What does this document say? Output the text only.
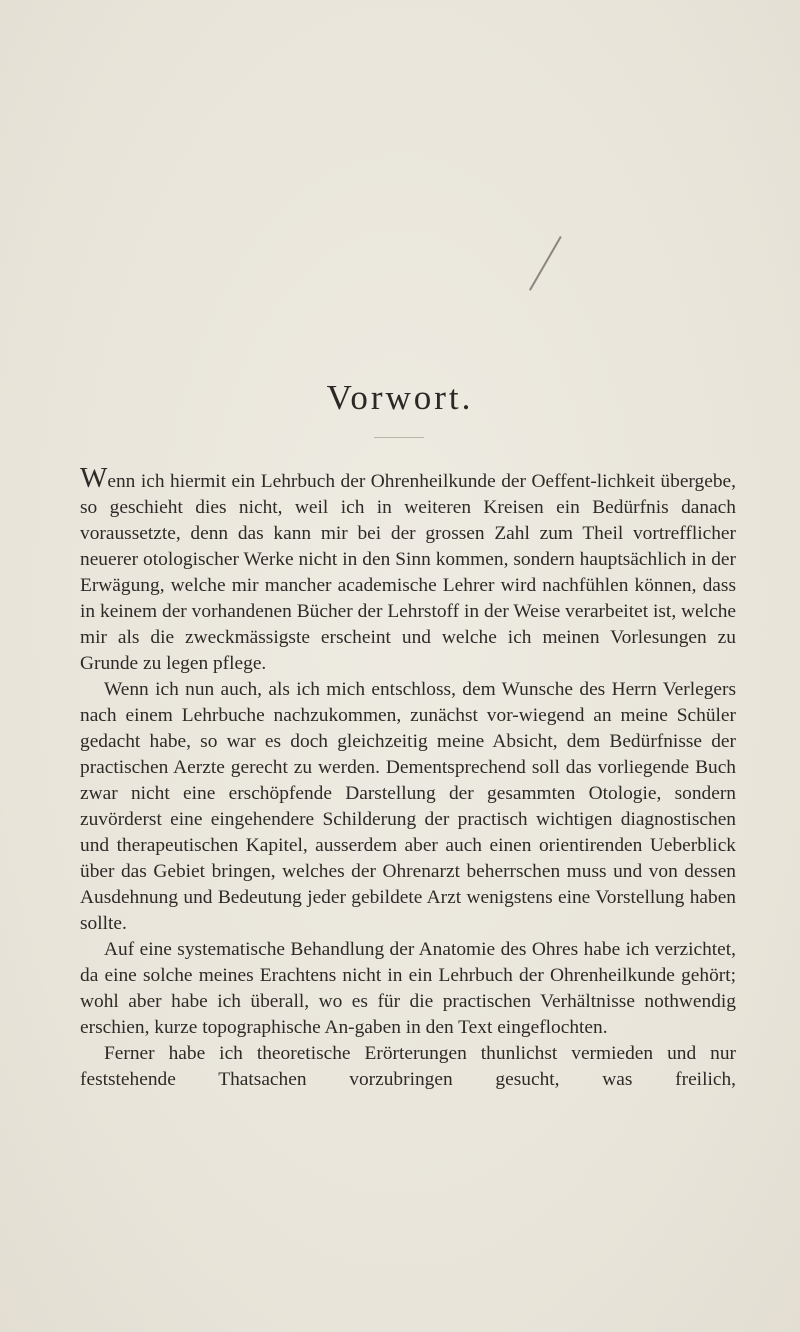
Vorwort.

Wenn ich hiermit ein Lehrbuch der Ohrenheilkunde der Oeffent-lichkeit übergebe, so geschieht dies nicht, weil ich in weiteren Kreisen ein Bedürfnis danach voraussetzte, denn das kann mir bei der grossen Zahl zum Theil vortrefflicher neuerer otologischer Werke nicht in den Sinn kommen, sondern hauptsächlich in der Erwägung, welche mir mancher academische Lehrer wird nachfühlen können, dass in keinem der vorhandenen Bücher der Lehrstoff in der Weise verarbeitet ist, welche mir als die zweckmässigste erscheint und welche ich meinen Vorlesungen zu Grunde zu legen pflege.

Wenn ich nun auch, als ich mich entschloss, dem Wunsche des Herrn Verlegers nach einem Lehrbuche nachzukommen, zunächst vor-wiegend an meine Schüler gedacht habe, so war es doch gleichzeitig meine Absicht, dem Bedürfnisse der practischen Aerzte gerecht zu werden. Dementsprechend soll das vorliegende Buch zwar nicht eine erschöpfende Darstellung der gesammten Otologie, sondern zuvörderst eine eingehendere Schilderung der practisch wichtigen diagnostischen und therapeutischen Kapitel, ausserdem aber auch einen orientirenden Ueberblick über das Gebiet bringen, welches der Ohrenarzt beherrschen muss und von dessen Ausdehnung und Bedeutung jeder gebildete Arzt wenigstens eine Vorstellung haben sollte.

Auf eine systematische Behandlung der Anatomie des Ohres habe ich verzichtet, da eine solche meines Erachtens nicht in ein Lehrbuch der Ohrenheilkunde gehört; wohl aber habe ich überall, wo es für die practischen Verhältnisse nothwendig erschien, kurze topographische An-gaben in den Text eingeflochten.

Ferner habe ich theoretische Erörterungen thunlichst vermieden und nur feststehende Thatsachen vorzubringen gesucht, was freilich,
